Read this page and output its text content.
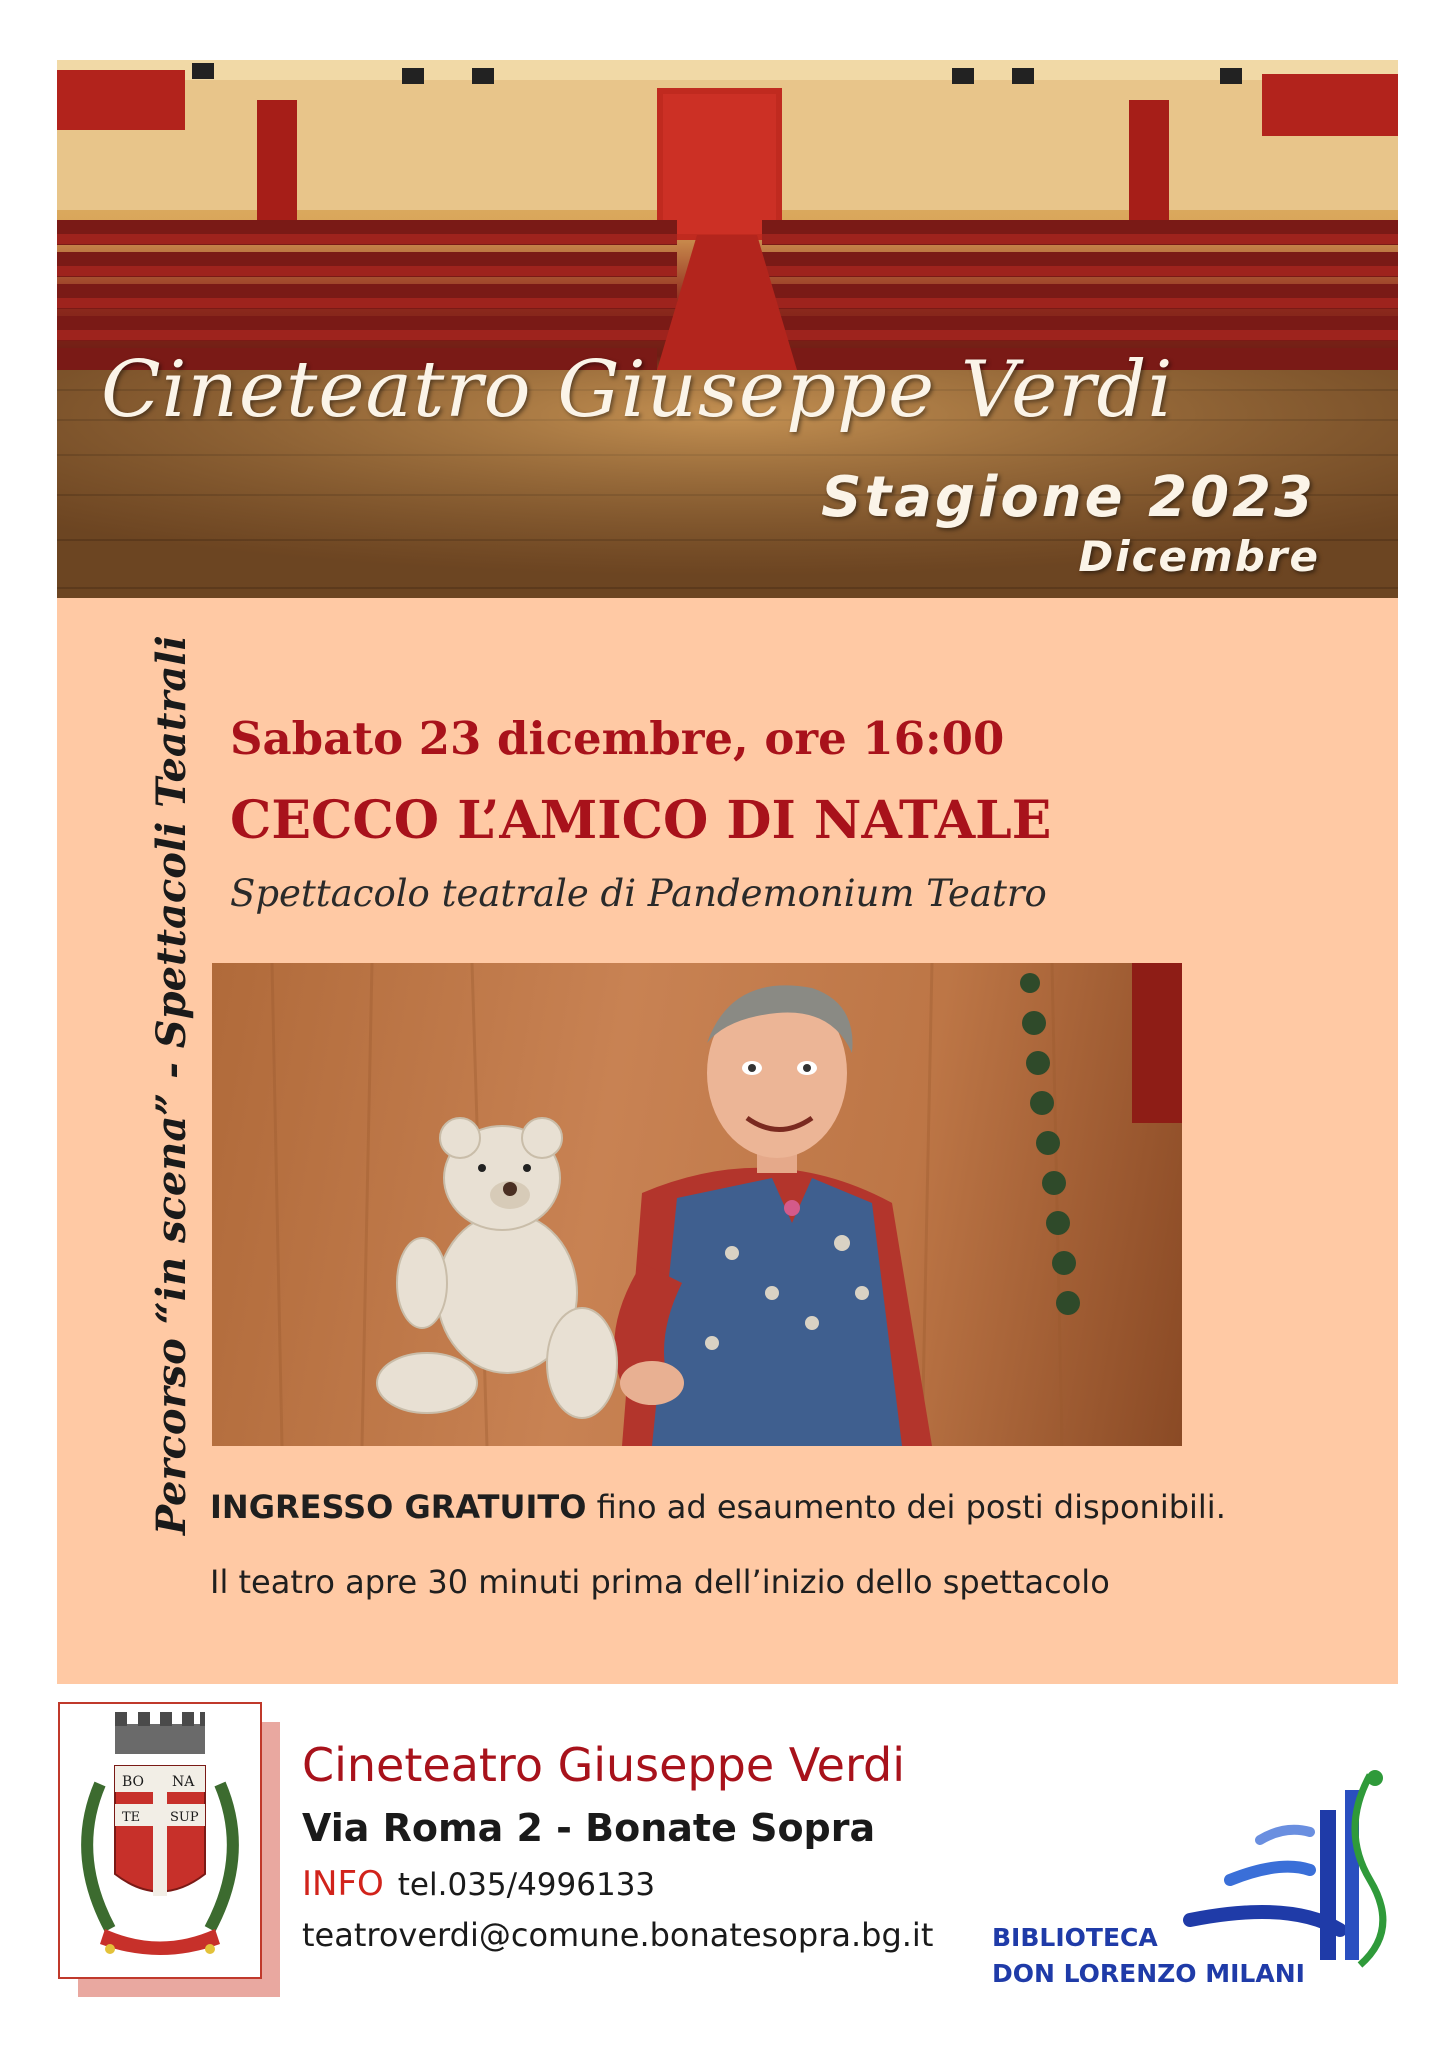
Cineteatro Giuseppe Verdi
Stagione 2023
Dicembre
Percorso “in scena” - Spettacoli Teatrali Sabato 23 dicembre, ore 16:00
CECCO L’AMICO DI NATALE
Spettacolo teatrale di Pandemonium Teatro
INGRESSO GRATUITO fino ad esaumento dei posti disponibili.
Il teatro apre 30 minuti prima dell’inizio dello spettacolo
BO NA
TE SUP
Cineteatro Giuseppe Verdi
Via Roma 2 - Bonate Sopra
INFO tel.035/4996133
teatroverdi@comune.bonatesopra.bg.it BIBLIOTECA
DON LORENZO MILANI
